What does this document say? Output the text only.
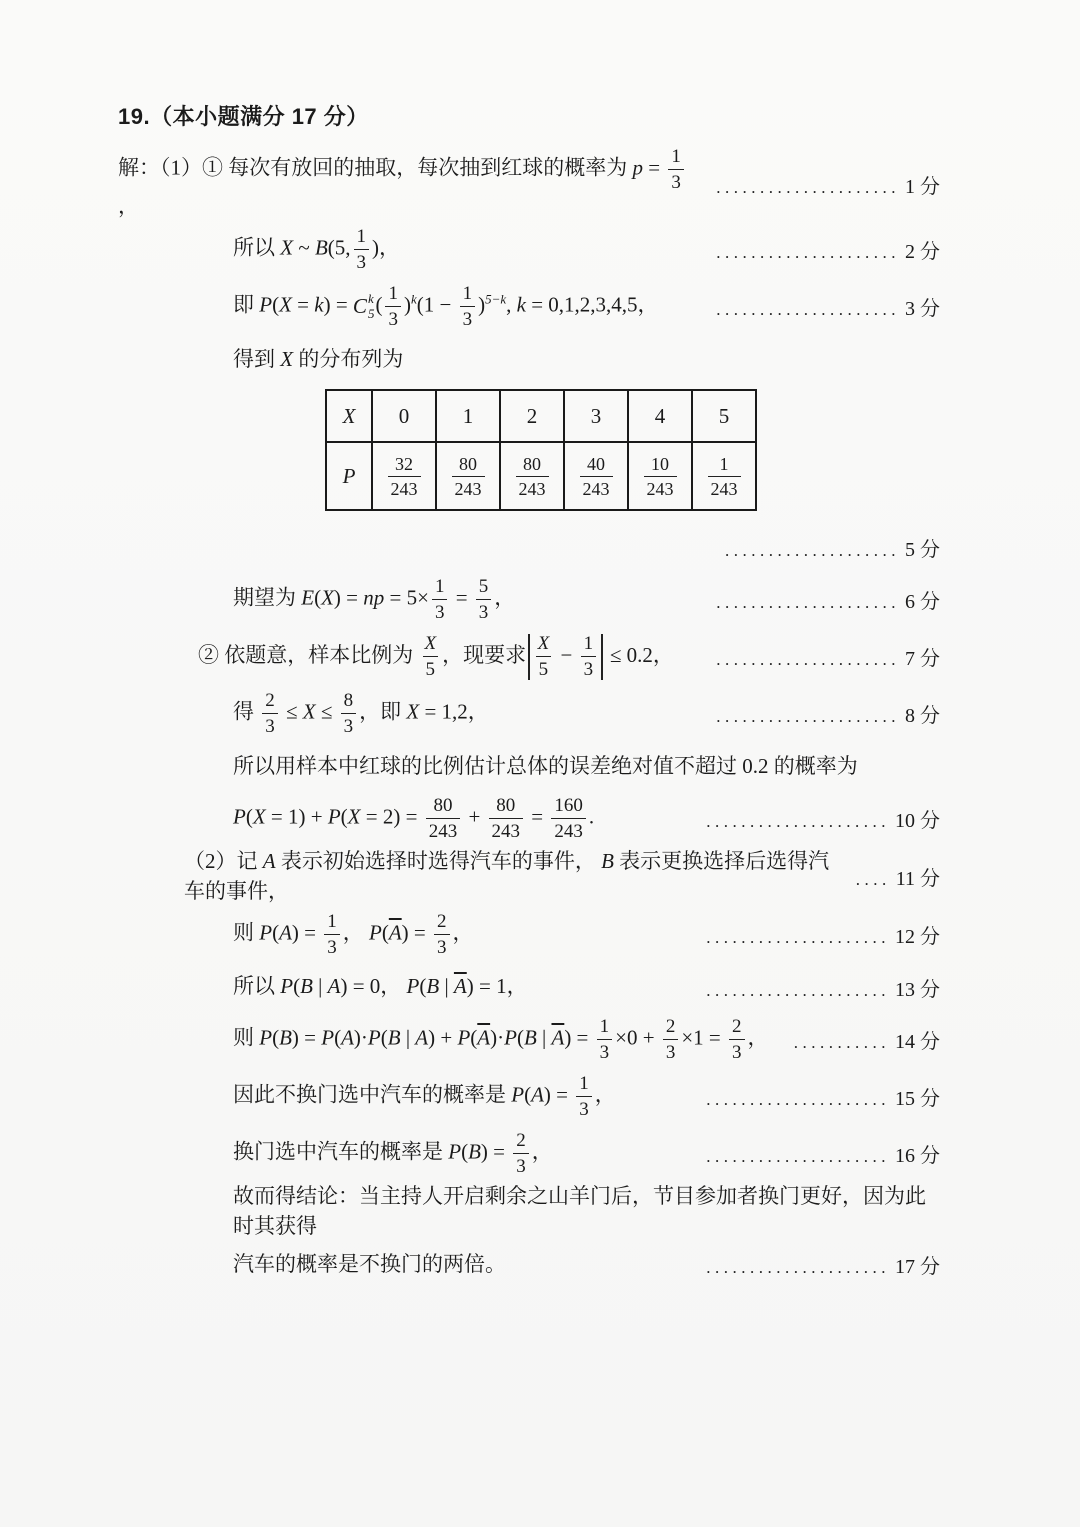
19.（本小题满分 17 分）
解：（1）① 每次有放回的抽取，每次抽到红球的概率为 $p = \frac{1}{3}$
，
..................... 1 分
所以 X ~ B(5, $\frac{1}{3}$ )，	..................... 2 分
即 P(X = k) = C k
5 ( $\frac{1}{3} )^k(1 - \frac{1}{3} )^{5-k}$, k = 0,1,2,3,4,5，	..................... 3 分
得到 X 的分布列为
X	0	1	2	3	4	5
P	$\frac{32}{243}$	$\frac{80}{243}$	$\frac{80}{243}$	$\frac{40}{243}$	$\frac{10}{243}$	$\frac{1}{243}$
.................... 5 分
期望为 E(X) = np = $5\times \frac{1}{3} = \frac{5}{3}$ ，	..................... 6 分
② 依题意，样本比例为 $\frac{X}{5}$ ，现要求 $\frac{X}{5} - \frac{1}{3} \le 0.2$， ..................... 7 分
得 $\frac{2}{3} \le X \le \frac{8}{3}$ ，即 X = 1,2，	..................... 8 分
所以用样本中红球的比例估计总体的误差绝对值不超过 0.2 的概率为
$P(X = 1) + P(X = 2) = \frac{80}{243} + \frac{80}{243} = \frac{160}{243}$ .	..................... 10 分
（2）记 A 表示初始选择时选得汽车的事件， B 表示更换选择后选得汽车的事件，	.... 11 分
则 $P(A) = \frac{1}{3}$ ， $P(\overline{A}) = \frac{2}{3}$ ，	..................... 12 分
所以 P(B | A) = 0， P(B | $\overline{A}) = 1$，	..................... 13 分
则 P(B) = P(A)·P(B | $A) + P(\overline{A})\cdot P(B$ | $\overline{A}) = \frac{1}{3} \times 0 + \frac{2}{3} \times 1 = \frac{2}{3}$ ， ........... 14 分
因此不换门选中汽车的概率是 $P(A) = \frac{1}{3}$ ，	..................... 15 分
换门选中汽车的概率是 $P(B) = \frac{2}{3}$ ，	..................... 16 分
故而得结论：当主持人开启剩余之山羊门后，节目参加者换门更好，因为此时其获得
汽车的概率是不换门的两倍。	..................... 17 分
